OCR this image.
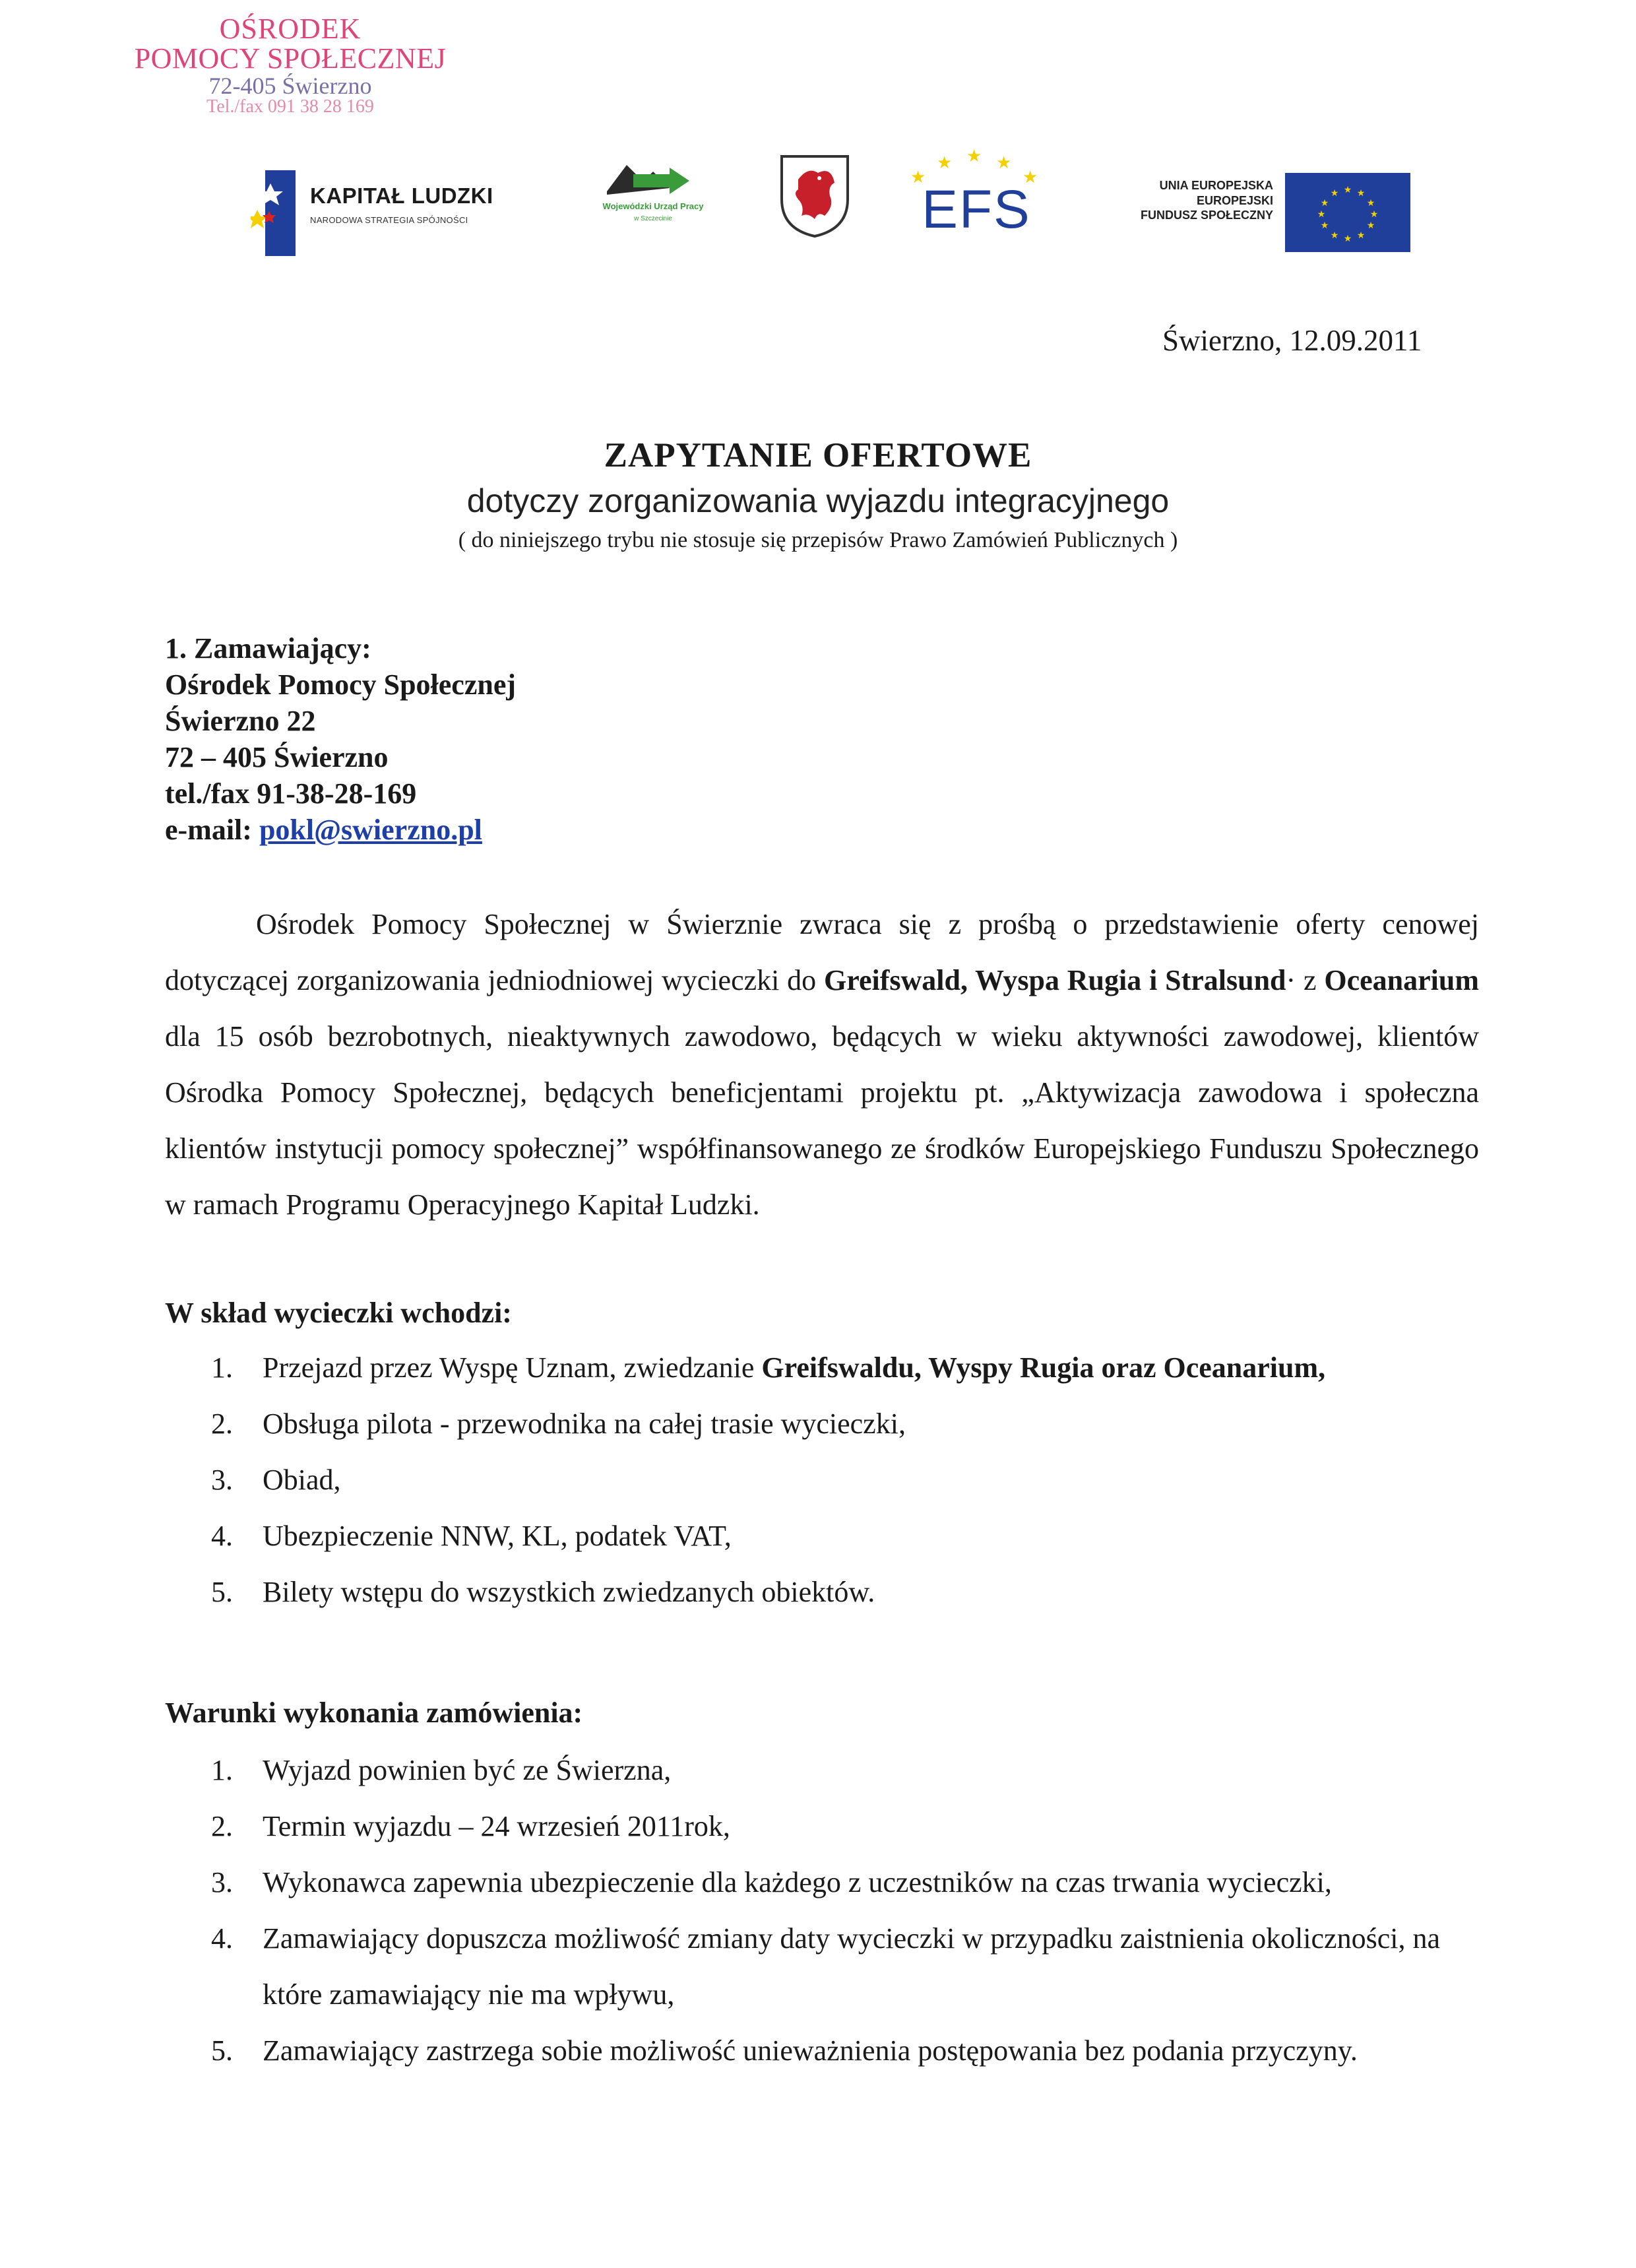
OŚRODEK
POMOCY SPOŁECZNEJ
72-405 Świerzno
Tel./fax 091 38 28 169
KAPITAŁ LUDZKI
NARODOWA STRATEGIA SPÓJNOŚCI
Wojewódzki Urząd Pracy
w Szczecinie
★
★ ★ ★
★
EFS	UNIA EUROPEJSKA
EUROPEJSKI
FUNDUSZ SPOŁECZNY
★ ★
★
★
★
★
★
★
★
★
★
★
Świerzno, 12.09.2011
ZAPYTANIE OFERTOWE
dotyczy zorganizowania wyjazdu integracyjnego
( do niniejszego trybu nie stosuje się przepisów Prawo Zamówień Publicznych )
1. Zamawiający:
Ośrodek Pomocy Społecznej
Świerzno 22
72 – 405 Świerzno
tel./fax 91-38-28-169
e-mail: pokl@swierzno.pl
Ośrodek Pomocy Społecznej w Świerznie zwraca się z prośbą o przedstawienie oferty cenowej dotyczącej zorganizowania jedniodniowej wycieczki do Greifswald, Wyspa Rugia i Stralsund· z Oceanarium dla 15 osób bezrobotnych, nieaktywnych zawodowo, będących w wieku aktywności zawodowej, klientów Ośrodka Pomocy Społecznej, będących beneficjentami projektu pt. „Aktywizacja zawodowa i społeczna klientów instytucji pomocy społecznej” współfinansowanego ze środków Europejskiego Funduszu Społecznego w ramach Programu Operacyjnego Kapitał Ludzki.
W skład wycieczki wchodzi:
1. Przejazd przez Wyspę Uznam, zwiedzanie Greifswaldu, Wyspy Rugia oraz Oceanarium,
2. Obsługa pilota - przewodnika na całej trasie wycieczki,
3. Obiad,
4. Ubezpieczenie NNW, KL, podatek VAT,
5. Bilety wstępu do wszystkich zwiedzanych obiektów.
Warunki wykonania zamówienia:
1. Wyjazd powinien być ze Świerzna,
2. Termin wyjazdu – 24 wrzesień 2011rok,
3. Wykonawca zapewnia ubezpieczenie dla każdego z uczestników na czas trwania wycieczki,
4. Zamawiający dopuszcza możliwość zmiany daty wycieczki w przypadku zaistnienia okoliczności, na które zamawiający nie ma wpływu,
5. Zamawiający zastrzega sobie możliwość unieważnienia postępowania bez podania przyczyny.
